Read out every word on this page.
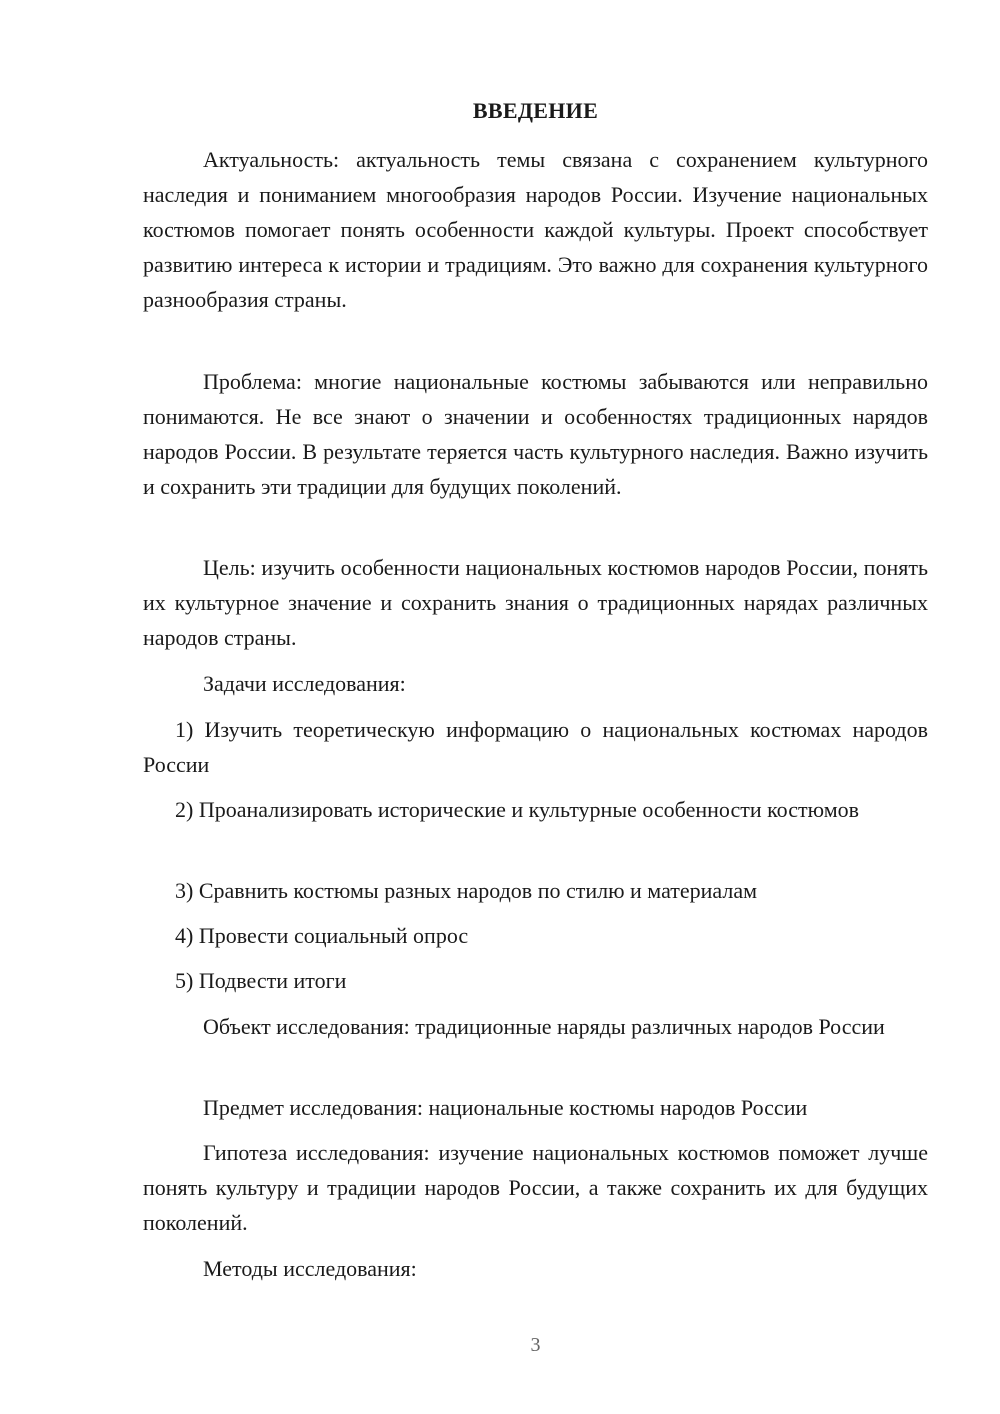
ВВЕДЕНИЕ

Актуальность: актуальность темы связана с сохранением культурного наследия и пониманием многообразия народов России. Изучение национальных костюмов помогает понять особенности каждой культуры. Проект способствует развитию интереса к истории и традициям. Это важно для сохранения культурного разнообразия страны.

Проблема: многие национальные костюмы забываются или неправильно понимаются. Не все знают о значении и особенностях традиционных нарядов народов России. В результате теряется часть культурного наследия. Важно изучить и сохранить эти традиции для будущих поколений.

Цель: изучить особенности национальных костюмов народов России, понять их культурное значение и сохранить знания о традиционных нарядах различных народов страны.

Задачи исследования:

1) Изучить теоретическую информацию о национальных костюмах народов России

2) Проанализировать исторические и культурные особенности костюмов

3) Сравнить костюмы разных народов по стилю и материалам

4) Провести социальный опрос

5) Подвести итоги

Объект исследования: традиционные наряды различных народов России

Предмет исследования: национальные костюмы народов России

Гипотеза исследования: изучение национальных костюмов поможет лучше понять культуру и традиции народов России, а также сохранить их для будущих поколений.

Методы исследования:

3
